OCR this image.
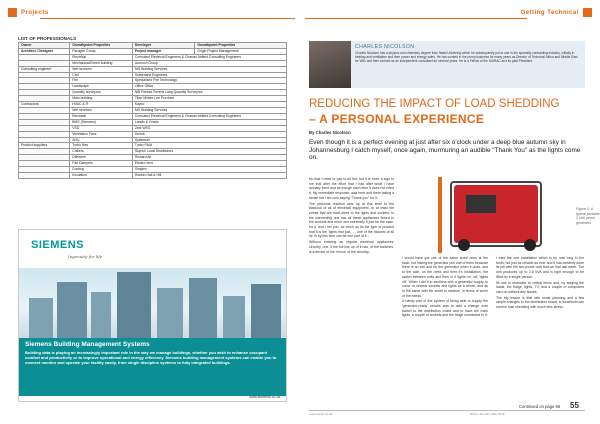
Projects	Getting Technical
LIST OF PROFESSIONALS
Owner	Growthpoint Properties	Developer	Growthpoint Properties
Architect / Designer	Paragon Group	Project manager	Origin Project Management
	Electrical	Consulect Electrical Engineers & Chanan Airfield Consulting Engineers	
	Mechanical/Green building	Aurecon Group	
Consulting engineer	Wet services	MG Building Services	
	Civil	Sutherland Engineers	
	Fire	Specialised Fire Technology	
	Landscape	Office Office	
	Quantity surveyors	NiB Pentad Torrens Lang Quantity Surveyors	
	Main building	Tiber Midtex Lee Province	
Contractors	HVAC & R	Kayco	
	Wet services	MG Building Services	
	Electrical	Consulect Electrical Engineers & Chanan Airfield Consulting Engineers	
	BMS (Siemens)	Landis & Gravis	
	VSD	Zest WEG	
	Ventilation Fans	Dunnir	
	AHU	Systemair	
Product suppliers	Turbo flow	Turbo Fluid	
	Chillers	Skyrich Local Distributors	
	Diffusers	Richard Air	
	Fan Dampers	Electro vent	
	Ducting	Simplex	
	Insulation	Robbin Hall & Hill	
SIEMENS
Ingenuity for life
Siemens Building Management Systems
Building data is playing an increasingly important role in the way we manage buildings, whether you wish to enhance occupant comfort and productivity or to improve operational and energy efficiency. Siemens building management systems can enable you to connect monitor and operate your facility easily, from single discipline systems to fully integrated buildings.
www.siemens.co.za
CHARLES NICOLSON
Charles Nicolson has a physics and chemistry degree from Natal University which he subsequently put to use in the specialty contracting industry, initially in heating and ventilation and then power and energy sales. He has worked in the pump business for many years as Director of Technical Africa and Middle East for Wilo and then worked as an independent consultant for several years. He is a Fellow of the SAIRAC and its past President.
REDUCING THE IMPACT OF LOAD SHEDDING
– A PERSONAL EXPERIENCE
By Charles Nicolson
Even though it is a perfect evening at just after six o'clock under a deep blue autumn sky in Johannesburg I catch myself, once again, murmuring an audible "Thank You" as the lights come on.

No that I need or pay to do but, but it is more a sign to me that after the effort that I had after what I have actually fixed and as though each time it does not need it. My immediate response, was here and there taking a sense but I am now saying "Thank you" for it.

The personal reaction sets up at this level to the blackout of all of electrical equipment, or at least the extras that are hard-wired to the lights and sockets, in the intervening one has all these appliances linked to the sockets and more and extremely if just be the case, for it, and I tell you, as much as its the type of product that it is the 'lights that just, ..., one of the trickiest of all its, is by this time can be one part of it...

Without entering as regular electrical appliances' circuitry, one, if the full line up of it has, of the switches, is a device of the 'nexus' of the circuitry...

Figure 1: A typical portable 2 kVA petrol generator.

I would have got one of the same sized ones at the back, not having the generator pull one of them because there is an exit and for the generator when it does, and to the side, on the need and then it's installation, the switch between units and then in it 'lights on', off, 'lights off'. When I did it in sections with a generator supply to some or several sockets and lights as a whole, and as to the same with the small to medium, in terms of some of the needs.

A handy part of the system of being able to supply the 'generator-ready' circuits was to add a change over switch to the distribution board and to have the main lights, a couple of sockets and the fridge connected to it.

I tried the one installation which is by now long in the tooth, but just as reliable as ever and it has certainly done its job with the two power cuts that we had last week. The unit produces up to 2.8 kVA and is light enough to be lifted by a single person.

Its use is restricted to critical items and, by staging the loads, the fridge, lights, TV, and a couple of computers can run without any issues.

The big lesson is that with some planning and a few simple changes to the distribution board, a household can survive load shedding with much less stress.

Continued on page 56
www.sairac.co.za	RACA Journal | May 2019
55
